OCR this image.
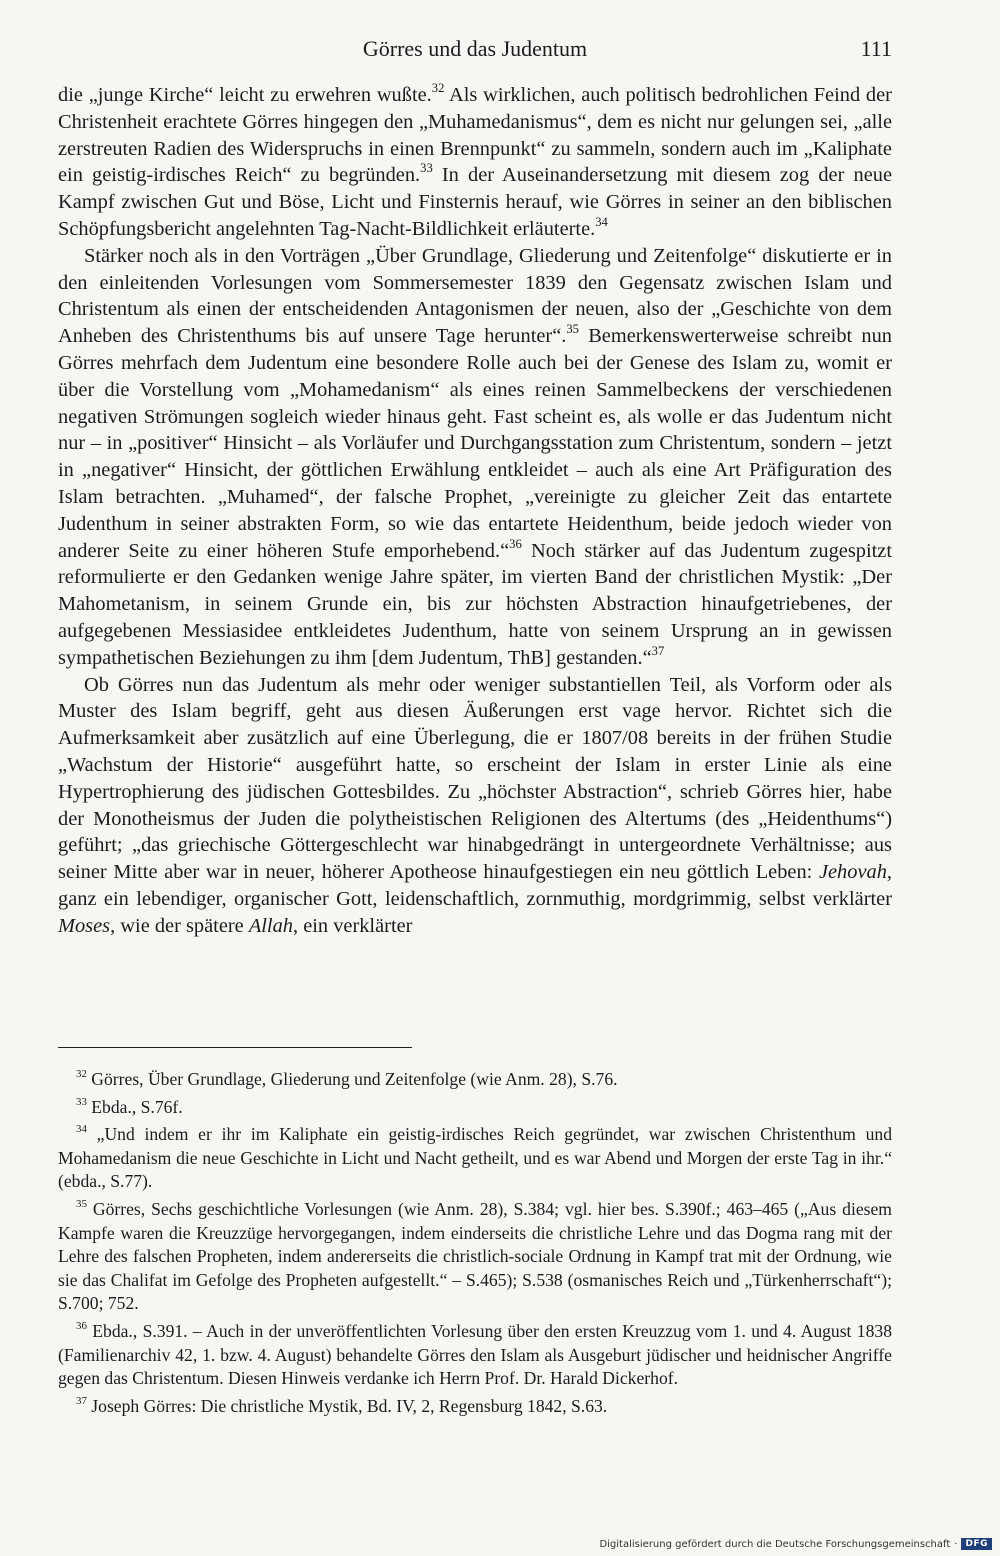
Görres und das Judentum	111

die „junge Kirche“ leicht zu erwehren wußte.$^{32}$ Als wirklichen, auch politisch bedrohlichen Feind der Christenheit erachtete Görres hingegen den „Muhamedanismus“, dem es nicht nur gelungen sei, „alle zerstreuten Radien des Widerspruchs in einen Brennpunkt“ zu sammeln, sondern auch im „Kaliphate ein geistig-irdisches Reich“ zu begründen.$^{33}$ In der Auseinandersetzung mit diesem zog der neue Kampf zwischen Gut und Böse, Licht und Finsternis herauf, wie Görres in seiner an den biblischen Schöpfungsbericht angelehnten Tag-Nacht-Bildlichkeit erläuterte.$^{34}$

Stärker noch als in den Vorträgen „Über Grundlage, Gliederung und Zeitenfolge“ diskutierte er in den einleitenden Vorlesungen vom Sommersemester 1839 den Gegensatz zwischen Islam und Christentum als einen der entscheidenden Antagonismen der neuen, also der „Geschichte von dem Anheben des Christenthums bis auf unsere Tage herunter“.$^{35}$ Bemerkenswerterweise schreibt nun Görres mehrfach dem Judentum eine besondere Rolle auch bei der Genese des Islam zu, womit er über die Vorstellung vom „Mohamedanism“ als eines reinen Sammelbeckens der verschiedenen negativen Strömungen sogleich wieder hinaus geht. Fast scheint es, als wolle er das Judentum nicht nur – in „positiver“ Hinsicht – als Vorläufer und Durchgangsstation zum Christentum, sondern – jetzt in „negativer“ Hinsicht, der göttlichen Erwählung entkleidet – auch als eine Art Präfiguration des Islam betrachten. „Muhamed“, der falsche Prophet, „vereinigte zu gleicher Zeit das entartete Judenthum in seiner abstrakten Form, so wie das entartete Heidenthum, beide jedoch wieder von anderer Seite zu einer höheren Stufe emporhebend.“$^{36}$ Noch stärker auf das Judentum zugespitzt reformulierte er den Gedanken wenige Jahre später, im vierten Band der christlichen Mystik: „Der Mahometanism, in seinem Grunde ein, bis zur höchsten Abstraction hinaufgetriebenes, der aufgegebenen Messiasidee entkleidetes Judenthum, hatte von seinem Ursprung an in gewissen sympathetischen Beziehungen zu ihm [dem Judentum, ThB] gestanden.“$^{37}$

Ob Görres nun das Judentum als mehr oder weniger substantiellen Teil, als Vorform oder als Muster des Islam begriff, geht aus diesen Äußerungen erst vage hervor. Richtet sich die Aufmerksamkeit aber zusätzlich auf eine Überlegung, die er 1807/08 bereits in der frühen Studie „Wachstum der Historie“ ausgeführt hatte, so erscheint der Islam in erster Linie als eine Hypertrophierung des jüdischen Gottesbildes. Zu „höchster Abstraction“, schrieb Görres hier, habe der Monotheismus der Juden die polytheistischen Religionen des Altertums (des „Heidenthums“) geführt; „das griechische Göttergeschlecht war hinabgedrängt in untergeordnete Verhältnisse; aus seiner Mitte aber war in neuer, höherer Apotheose hinaufgestiegen ein neu göttlich Leben: Jehovah, ganz ein lebendiger, organischer Gott, leidenschaftlich, zornmuthig, mordgrimmig, selbst verklärter Moses, wie der spätere Allah, ein verklärter

$^{32}$ Görres, Über Grundlage, Gliederung und Zeitenfolge (wie Anm. 28), S.76.

$^{33}$ Ebda., S.76f.

$^{34}$ „Und indem er ihr im Kaliphate ein geistig-irdisches Reich gegründet, war zwischen Christenthum und Mohamedanism die neue Geschichte in Licht und Nacht getheilt, und es war Abend und Morgen der erste Tag in ihr.“ (ebda., S.77).

$^{35}$ Görres, Sechs geschichtliche Vorlesungen (wie Anm. 28), S.384; vgl. hier bes. S.390f.; 463–465 („Aus diesem Kampfe waren die Kreuzzüge hervorgegangen, indem einderseits die christliche Lehre und das Dogma rang mit der Lehre des falschen Propheten, indem andererseits die christlich-sociale Ordnung in Kampf trat mit der Ordnung, wie sie das Chalifat im Gefolge des Propheten aufgestellt.“ – S.465); S.538 (osmanisches Reich und „Türkenherrschaft“); S.700; 752.

$^{36}$ Ebda., S.391. – Auch in der unveröffentlichten Vorlesung über den ersten Kreuzzug vom 1. und 4. August 1838 (Familienarchiv 42, 1. bzw. 4. August) behandelte Görres den Islam als Ausgeburt jüdischer und heidnischer Angriffe gegen das Christentum. Diesen Hinweis verdanke ich Herrn Prof. Dr. Harald Dickerhof.

$^{37}$ Joseph Görres: Die christliche Mystik, Bd. IV, 2, Regensburg 1842, S.63.

Digitalisierung gefördert durch die Deutsche Forschungsgemeinschaft · DFG
